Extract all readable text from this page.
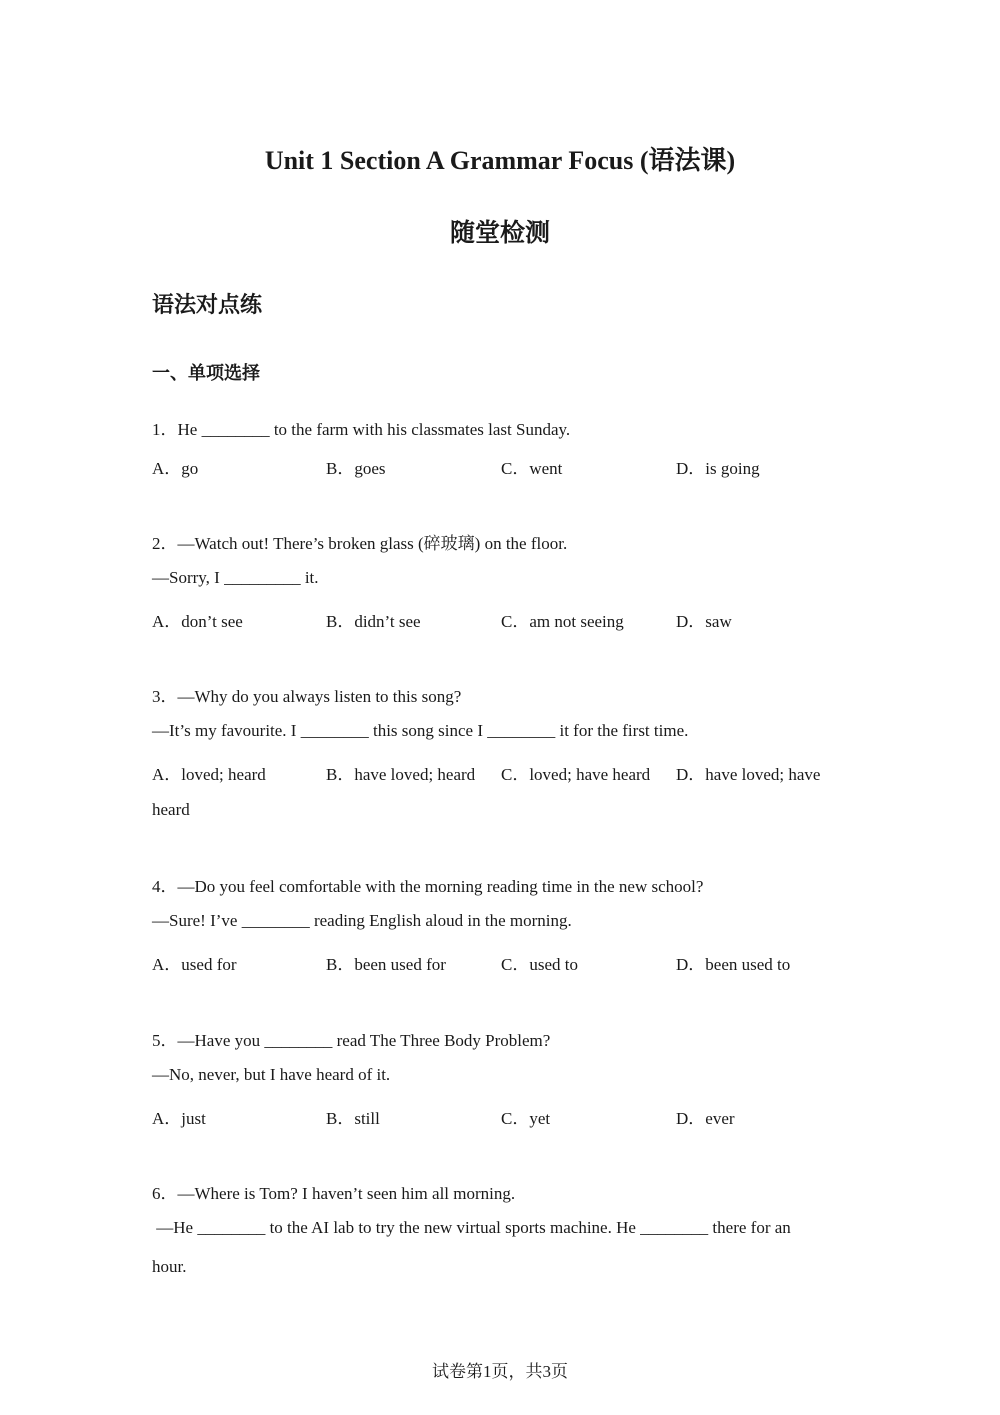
Unit 1 Section A Grammar Focus (语法课)
随堂检测
语法对点练
一、单项选择
1．He ________ to the farm with his classmates last Sunday.
A．go	B．goes	C．went	D．is going
2．—Watch out! There’s broken glass (碎玻璃) on the floor.
—Sorry, I _________ it.
A．don’t see	B．didn’t see	C．am not seeing	D．saw
3．—Why do you always listen to this song?
—It’s my favourite. I ________ this song since I ________ it for the first time.
A．loved; heard	B．have loved; heard C．loved; have heard D．have loved; have
heard
4．—Do you feel comfortable with the morning reading time in the new school?
—Sure! I’ve ________ reading English aloud in the morning.
A．used for	B．been used for	C．used to	D．been used to
5．—Have you ________ read The Three Body Problem?
—No, never, but I have heard of it.
A．just	B．still	C．yet	D．ever
6．—Where is Tom? I haven’t seen him all morning.
—He ________ to the AI lab to try the new virtual sports machine. He ________ there for an
hour.
试卷第1页，共3页
